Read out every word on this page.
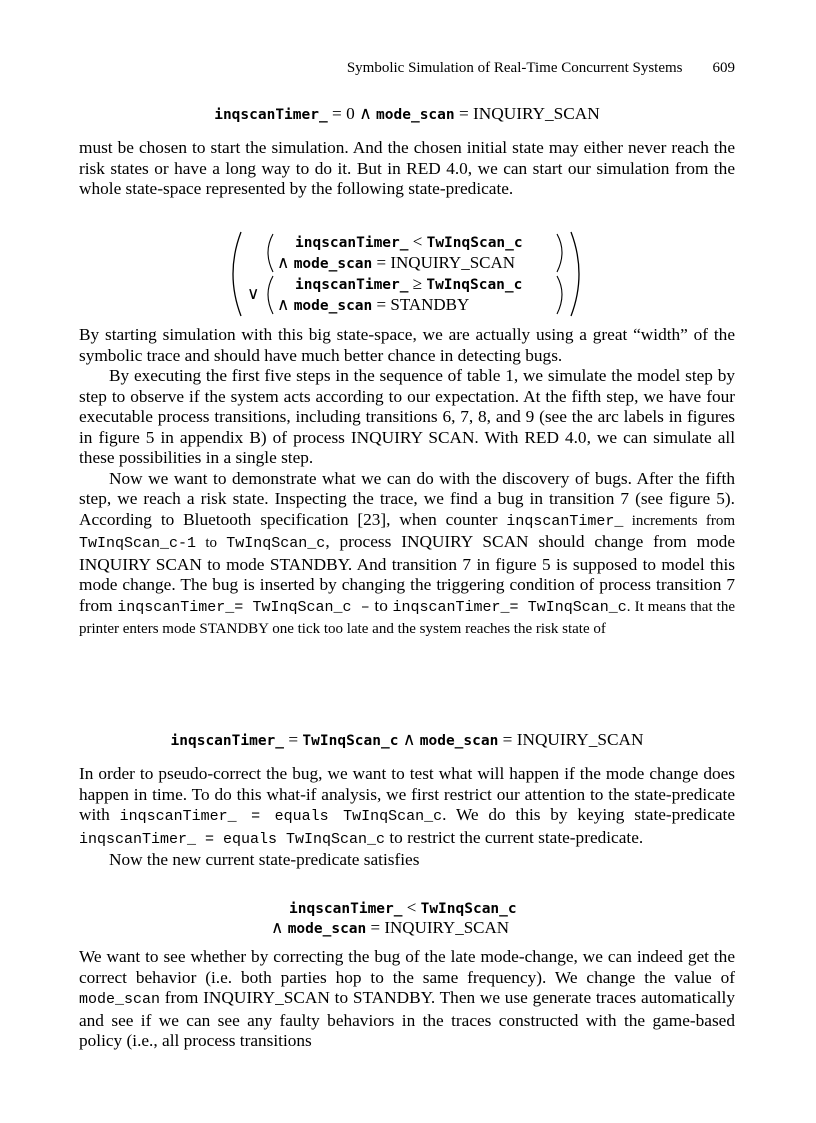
Symbolic Simulation of Real-Time Concurrent Systems 609
inqscanTimer_ = 0 ∧ mode_scan = INQUIRY_SCAN

must be chosen to start the simulation. And the chosen initial state may either never reach the risk states or have a long way to do it. But in RED 4.0, we can start our simulation from the whole state-space represented by the following state-predicate.

inqscanTimer_ < TwInqScan_c
∧ mode_scan = INQUIRY_SCAN
∨ inqscanTimer_ ≥ TwInqScan_c
∧ mode_scan = STANDBY

By starting simulation with this big state-space, we are actually using a great “width” of the symbolic trace and should have much better chance in detecting bugs.

By executing the first five steps in the sequence of table 1, we simulate the model step by step to observe if the system acts according to our expectation. At the fifth step, we have four executable process transitions, including transitions 6, 7, 8, and 9 (see the arc labels in figures in figure 5 in appendix B) of process INQUIRY SCAN. With RED 4.0, we can simulate all these possibilities in a single step.

Now we want to demonstrate what we can do with the discovery of bugs. After the fifth step, we reach a risk state. Inspecting the trace, we find a bug in transition 7 (see figure 5). According to Bluetooth specification [23], when counter inqscanTimer_ increments from TwInqScan_c-1 to TwInqScan_c, process INQUIRY SCAN should change from mode INQUIRY SCAN to mode STANDBY. And transition 7 in figure 5 is supposed to model this mode change. The bug is inserted by changing the triggering condition of process transition 7 from inqscanTimer_= TwInqScan_c – to inqscanTimer_= TwInqScan_c. It means that the printer enters mode STANDBY one tick too late and the system reaches the risk state of

inqscanTimer_ = TwInqScan_c ∧ mode_scan = INQUIRY_SCAN

In order to pseudo-correct the bug, we want to test what will happen if the mode change does happen in time. To do this what-if analysis, we first restrict our attention to the state-predicate with inqscanTimer_ = equals TwInqScan_c. We do this by keying state-predicate inqscanTimer_ = equals TwInqScan_c to restrict the current state-predicate.

Now the new current state-predicate satisfies

inqscanTimer_ < TwInqScan_c
∧ mode_scan = INQUIRY_SCAN

We want to see whether by correcting the bug of the late mode-change, we can indeed get the correct behavior (i.e. both parties hop to the same frequency). We change the value of mode_scan from INQUIRY_SCAN to STANDBY. Then we use generate traces automatically and see if we can see any faulty behaviors in the traces constructed with the game-based policy (i.e., all process transitions
